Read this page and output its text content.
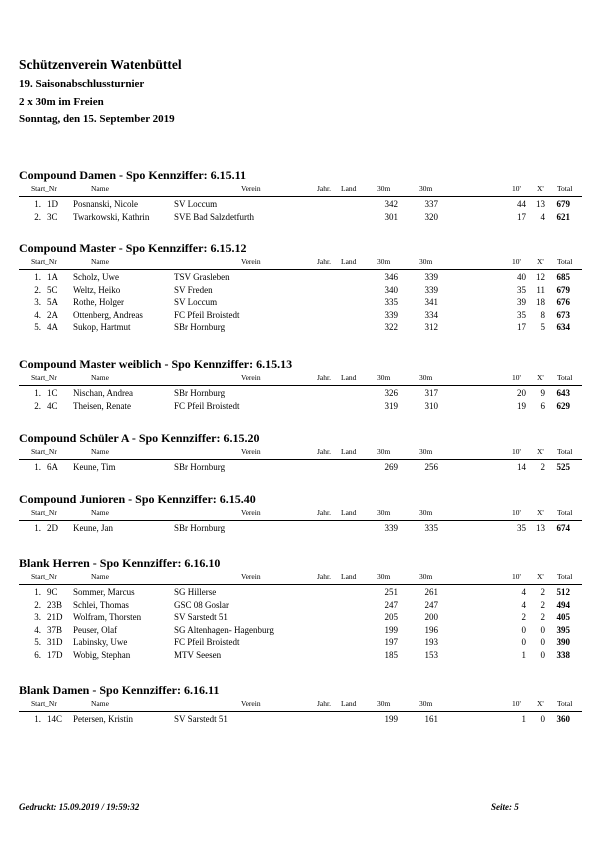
Schützenverein Watenbüttel
19. Saisonabschlussturnier
2 x 30m im Freien
Sonntag, den 15. September 2019
Compound Damen - Spo Kennziffer: 6.15.11
Start_Nr	Name	Verein	Jahr. Land	30m	30m	10' X' Total
1. 1D Posnanski, Nicole	SV Loccum	342	337	44 13 679
2. 3C Twarkowski, Kathrin	SVE Bad Salzdetfurth	301	320	17 4 621
Compound Master - Spo Kennziffer: 6.15.12
Start_Nr	Name	Verein	Jahr. Land	30m	30m	10' X' Total
1. 1A Scholz, Uwe	TSV Grasleben	346	339	40 12 685
2. 5C Weltz, Heiko	SV Freden	340	339	35 11 679
3. 5A Rothe, Holger	SV Loccum	335	341	39 18 676
4. 2A Ottenberg, Andreas	FC Pfeil Broistedt	339	334	35 8 673
5. 4A Sukop, Hartmut	SBr Hornburg	322	312	17 5 634
Compound Master weiblich - Spo Kennziffer: 6.15.13
Start_Nr	Name	Verein	Jahr. Land	30m	30m	10' X' Total
1. 1C Nischan, Andrea	SBr Hornburg	326	317	20 9 643
2. 4C Theisen, Renate	FC Pfeil Broistedt	319	310	19 6 629
Compound Schüler A - Spo Kennziffer: 6.15.20
Start_Nr	Name	Verein	Jahr. Land	30m	30m	10' X' Total
1. 6A Keune, Tim	SBr Hornburg	269	256	14 2 525
Compound Junioren - Spo Kennziffer: 6.15.40
Start_Nr	Name	Verein	Jahr. Land	30m	30m	10' X' Total
1. 2D Keune, Jan	SBr Hornburg	339	335	35 13 674
Blank Herren - Spo Kennziffer: 6.16.10
Start_Nr	Name	Verein	Jahr. Land	30m	30m	10' X' Total
1. 9C Sommer, Marcus	SG Hillerse	251	261	4 2 512
2. 23B Schlei, Thomas	GSC 08 Goslar	247	247	4 2 494
3. 21D Wolfram, Thorsten	SV Sarstedt 51	205	200	2 2 405
4. 37B Peuser, Olaf	SG Altenhagen- Hagenburg	199	196	0 0 395
5. 31D Labinsky, Uwe	FC Pfeil Broistedt	197	193	0 0 390
6. 17D Wobig, Stephan	MTV Seesen	185	153	1 0 338
Blank Damen - Spo Kennziffer: 6.16.11
Start_Nr	Name	Verein	Jahr. Land	30m	30m	10' X' Total
1. 14C Petersen, Kristin	SV Sarstedt 51	199	161	1 0 360
Gedruckt: 15.09.2019 / 19:59:32	Seite: 5
